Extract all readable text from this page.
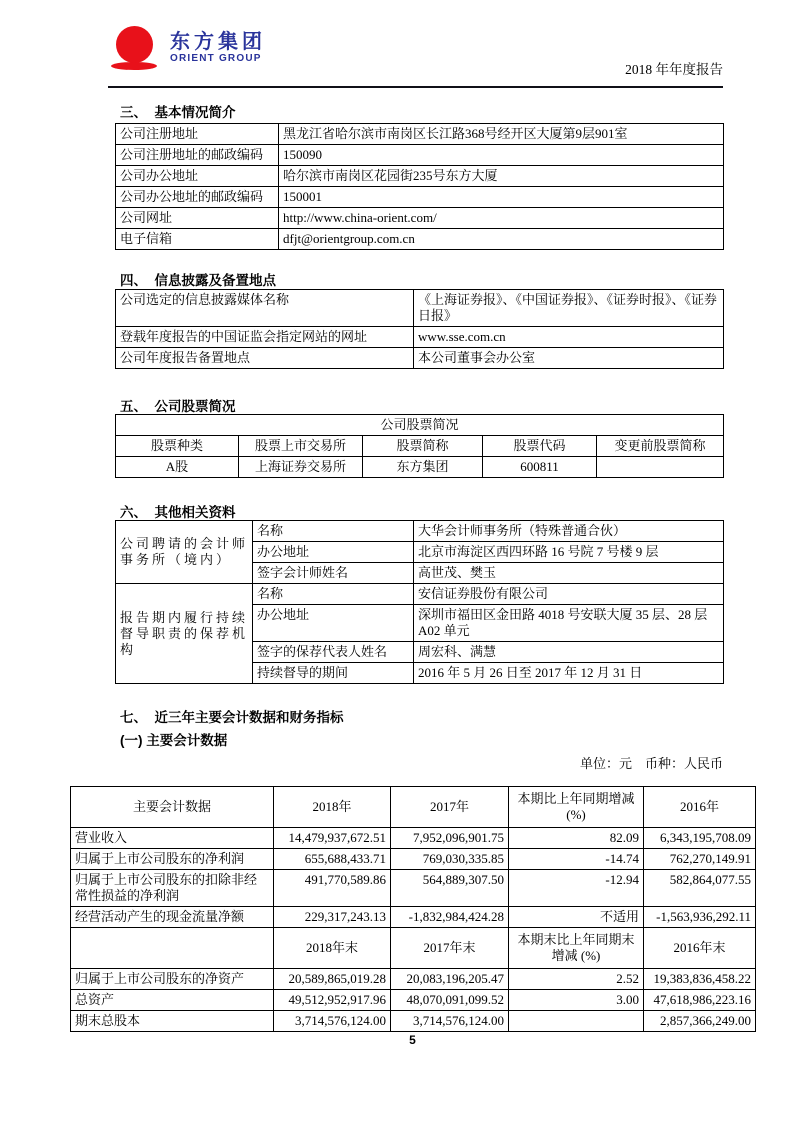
东方集团
ORIENT GROUP
2018 年年度报告
三、  基本情况简介
公司注册地址	黑龙江省哈尔滨市南岗区长江路368号经开区大厦第9层901室
公司注册地址的邮政编码	150090
公司办公地址	哈尔滨市南岗区花园街235号东方大厦
公司办公地址的邮政编码	150001
公司网址	http://www.china-orient.com/
电子信箱	dfjt@orientgroup.com.cn
四、  信息披露及备置地点
公司选定的信息披露媒体名称	《上海证券报》、《中国证券报》、《证券时报》、《证券日报》
登载年度报告的中国证监会指定网站的网址	www.sse.com.cn
公司年度报告备置地点	本公司董事会办公室
五、  公司股票简况
公司股票简况				
股票种类	股票上市交易所	股票简称	股票代码	变更前股票简称
A股	上海证券交易所	东方集团	600811	
六、  其他相关资料
公司聘请的会计师事务所（境内）	名称	大华会计师事务所（特殊普通合伙）
	办公地址	北京市海淀区西四环路 16 号院 7 号楼 9 层
	签字会计师姓名	高世茂、樊玉
报告期内履行持续督导职责的保荐机构	名称	安信证券股份有限公司
	办公地址	深圳市福田区金田路 4018 号安联大厦 35 层、28 层 A02 单元
	签字的保荐代表人姓名	周宏科、满慧
	持续督导的期间	2016 年 5 月 26 日至 2017 年 12 月 31 日
七、  近三年主要会计数据和财务指标
(一) 主要会计数据
单位：元　币种：人民币
主要会计数据	2018年	2017年	本期比上年同期增减(%)	2016年
营业收入	14,479,937,672.51	7,952,096,901.75	82.09	6,343,195,708.09
归属于上市公司股东的净利润	655,688,433.71	769,030,335.85	-14.74	762,270,149.91
归属于上市公司股东的扣除非经常性损益的净利润	491,770,589.86	564,889,307.50	-12.94	582,864,077.55
经营活动产生的现金流量净额	229,317,243.13	-1,832,984,424.28	不适用	-1,563,936,292.11
	2018年末	2017年末	本期末比上年同期末增减 (%)	2016年末
归属于上市公司股东的净资产	20,589,865,019.28	20,083,196,205.47	2.52	19,383,836,458.22
总资产	49,512,952,917.96	48,070,091,099.52	3.00	47,618,986,223.16
期末总股本	3,714,576,124.00	3,714,576,124.00		2,857,366,249.00
5
